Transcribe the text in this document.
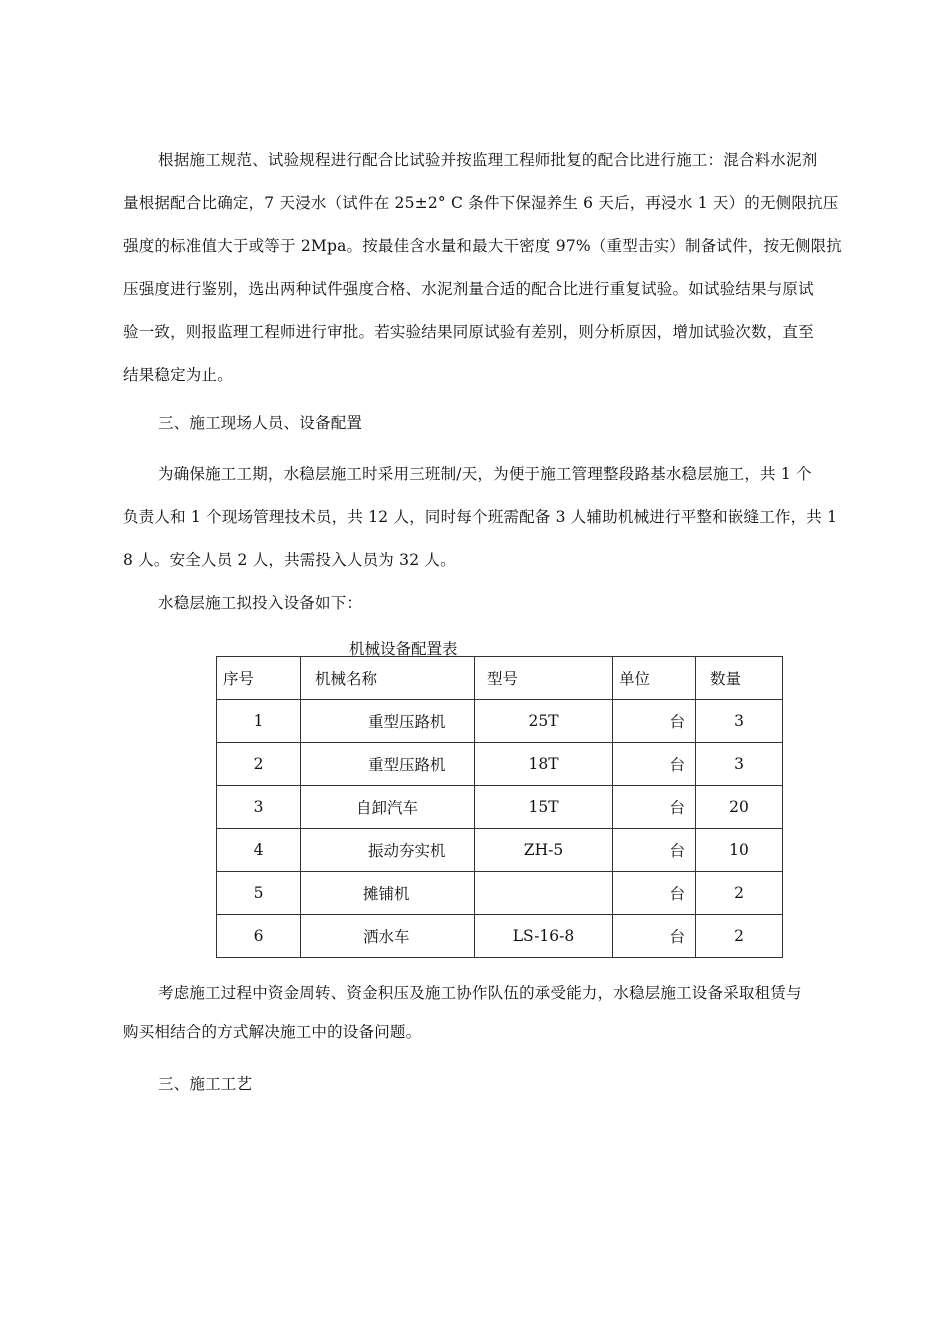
根据施工规范、试验规程进行配合比试验并按监理工程师批复的配合比进行施工：混合料水泥剂
量根据配合比确定，7 天浸水（试件在 25±2° C 条件下保湿养生 6 天后，再浸水 1 天）的无侧限抗压
强度的标准值大于或等于 2Mpa。按最佳含水量和最大干密度 97%（重型击实）制备试件，按无侧限抗
压强度进行鉴别，选出两种试件强度合格、水泥剂量合适的配合比进行重复试验。如试验结果与原试
验一致，则报监理工程师进行审批。若实验结果同原试验有差别，则分析原因，增加试验次数，直至
结果稳定为止。
三、施工现场人员、设备配置
为确保施工工期，水稳层施工时采用三班制/天，为便于施工管理整段路基水稳层施工，共 1 个
负责人和 1 个现场管理技术员，共 12 人，同时每个班需配备 3 人辅助机械进行平整和嵌缝工作，共 1
8 人。安全人员 2 人，共需投入人员为 32 人。
水稳层施工拟投入设备如下：
机械设备配置表
序号	机械名称	型号	单位	数量
1	重型压路机	25T	台	3
2	重型压路机	18T	台	3
3	自卸汽车	15T	台	20
4	振动夯实机	ZH-5	台	10
5	摊铺机		台	2
6	洒水车	LS-16-8	台	2
考虑施工过程中资金周转、资金积压及施工协作队伍的承受能力，水稳层施工设备采取租赁与
购买相结合的方式解决施工中的设备问题。
三、施工工艺
